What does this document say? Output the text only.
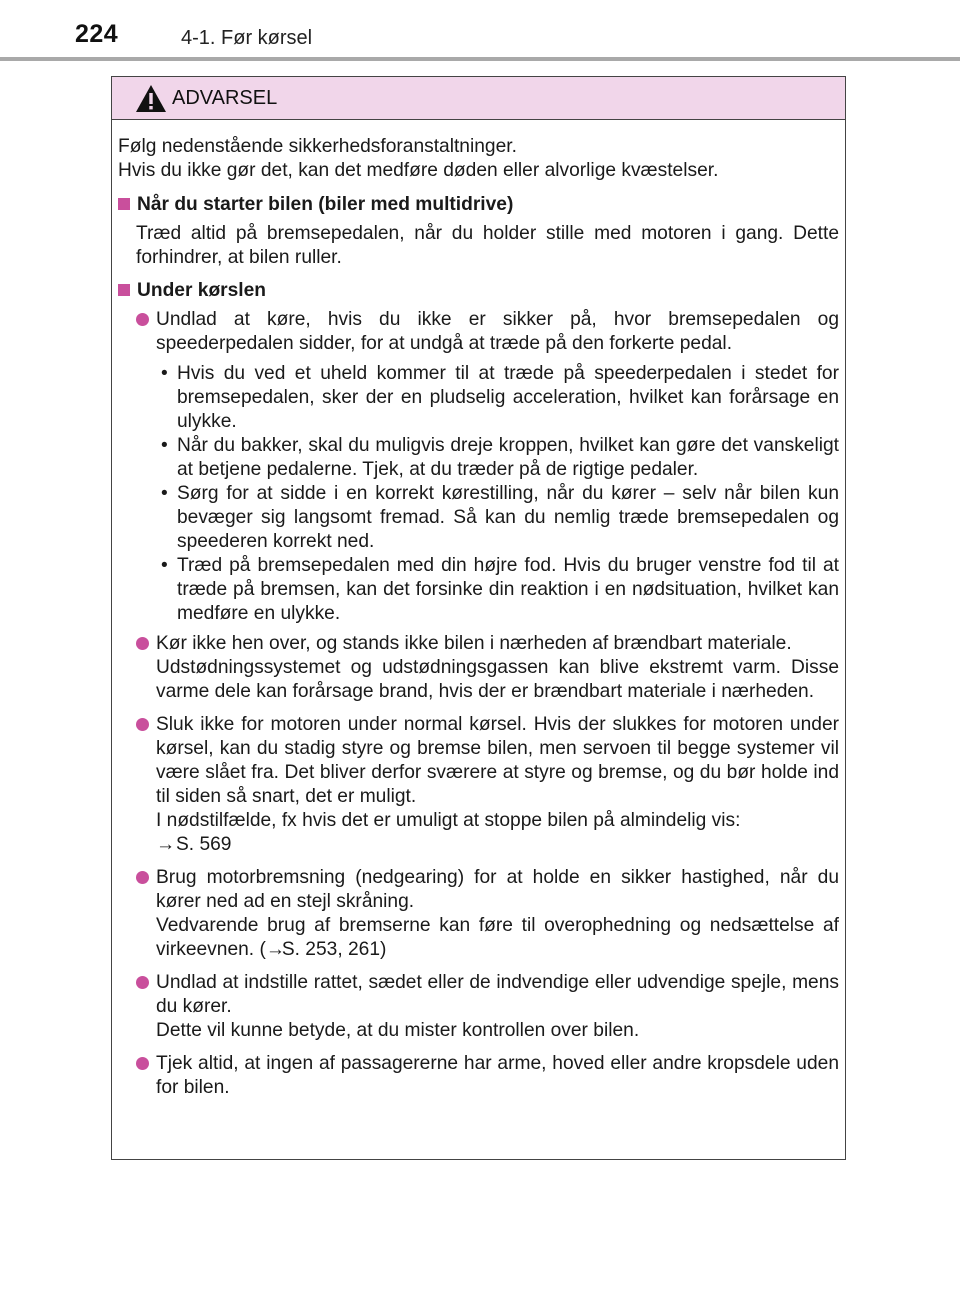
224	4-1. Før kørsel
ADVARSEL

Følg nedenstående sikkerhedsforanstaltninger.

Hvis du ikke gør det, kan det medføre døden eller alvorlige kvæstelser.

Når du starter bilen (biler med multidrive)

Træd altid på bremsepedalen, når du holder stille med motoren i gang. Dette forhindrer, at bilen ruller.

Under kørslen

Undlad at køre, hvis du ikke er sikker på, hvor bremsepedalen og speederpedalen sidder, for at undgå at træde på den forkerte pedal.

• Hvis du ved et uheld kommer til at træde på speederpedalen i stedet for bremsepedalen, sker der en pludselig acceleration, hvilket kan forårsage en ulykke.
• Når du bakker, skal du muligvis dreje kroppen, hvilket kan gøre det vanskeligt at betjene pedalerne. Tjek, at du træder på de rigtige pedaler.
• Sørg for at sidde i en korrekt kørestilling, når du kører – selv når bilen kun bevæger sig langsomt fremad. Så kan du nemlig træde bremsepedalen og speederen korrekt ned.
• Træd på bremsepedalen med din højre fod. Hvis du bruger venstre fod til at træde på bremsen, kan det forsinke din reaktion i en nødsituation, hvilket kan medføre en ulykke.

Kør ikke hen over, og stands ikke bilen i nærheden af brændbart materiale.

Udstødningssystemet og udstødningsgassen kan blive ekstremt varm. Disse varme dele kan forårsage brand, hvis der er brændbart materiale i nærheden.

Sluk ikke for motoren under normal kørsel. Hvis der slukkes for motoren under kørsel, kan du stadig styre og bremse bilen, men servoen til begge systemer vil være slået fra. Det bliver derfor sværere at styre og bremse, og du bør holde ind til siden så snart, det er muligt.

I nødstilfælde, fx hvis det er umuligt at stoppe bilen på almindelig vis:

→S. 569

Brug motorbremsning (nedgearing) for at holde en sikker hastighed, når du kører ned ad en stejl skråning.

Vedvarende brug af bremserne kan føre til overophedning og nedsættelse af virkeevnen. (→S. 253, 261)

Undlad at indstille rattet, sædet eller de indvendige eller udvendige spejle, mens du kører.

Dette vil kunne betyde, at du mister kontrollen over bilen.

Tjek altid, at ingen af passagererne har arme, hoved eller andre kropsdele uden for bilen.
